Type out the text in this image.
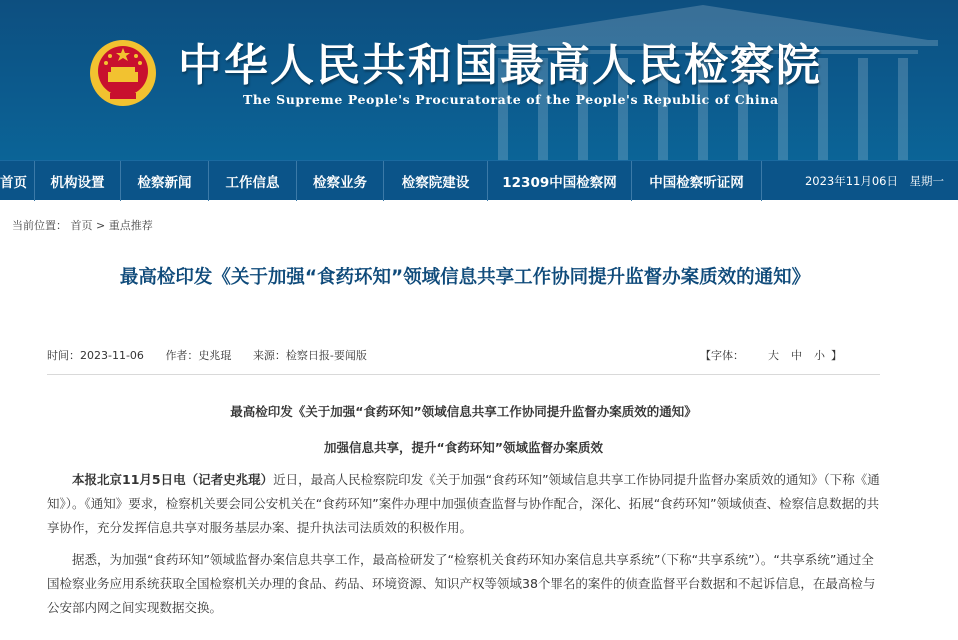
中华人民共和国最高人民检察院
The Supreme People's Procuratorate of the People's Republic of China
首页	机构设置	检察新闻	工作信息	检察业务	检察院建设	12309中国检察网	中国检察听证网	2023年11月06日　星期一
当前位置： 首页 > 重点推荐
最高检印发《关于加强“食药环知”领域信息共享工作协同提升监督办案质效的通知》
时间：2023-11-06 作者：史兆琨 来源：检察日报-要闻版	【字体： 大 中 小 】
最高检印发《关于加强“食药环知”领域信息共享工作协同提升监督办案质效的通知》
加强信息共享，提升“食药环知”领域监督办案质效
本报北京11月5日电（记者史兆琨）近日，最高人民检察院印发《关于加强“食药环知”领域信息共享工作协同提升监督办案质效的通知》（下称《通知》）。《通知》要求，检察机关要会同公安机关在“食药环知”案件办理中加强侦查监督与协作配合，深化、拓展“食药环知”领域侦查、检察信息数据的共享协作，充分发挥信息共享对服务基层办案、提升执法司法质效的积极作用。
据悉，为加强“食药环知”领域监督办案信息共享工作，最高检研发了“检察机关食药环知办案信息共享系统”（下称“共享系统”）。“共享系统”通过全国检察业务应用系统获取全国检察机关办理的食品、药品、环境资源、知识产权等领域38个罪名的案件的侦查监督平台数据和不起诉信息，在最高检与公安部内网之间实现数据交换。
